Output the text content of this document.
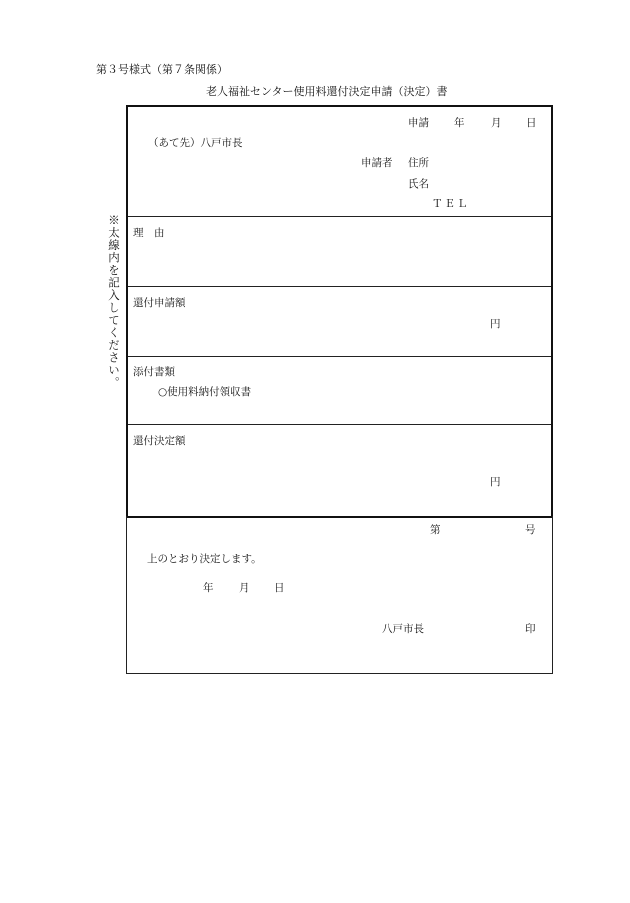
第３号様式（第７条関係）
老人福祉センター使用料還付決定申請（決定）書
※太線内を記入してください。
申請 年	月 日
（あて先）八戸市長
申請者 住所
氏名
ＴＥＬ
理　由
還付申請額
円
添付書類
○使用料納付領収書
還付決定額
円
第	号
上のとおり決定します。
年 月 日
八戸市長	印
